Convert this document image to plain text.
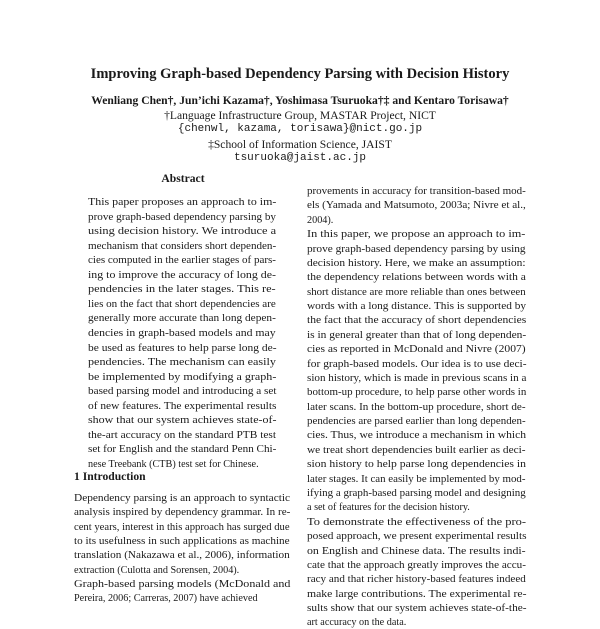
Improving Graph-based Dependency Parsing with Decision History
Wenliang Chen†, Jun’ichi Kazama†, Yoshimasa Tsuruoka†‡ and Kentaro Torisawa†
†Language Infrastructure Group, MASTAR Project, NICT
{chenwl, kazama, torisawa}@nict.go.jp
‡School of Information Science, JAIST
tsuruoka@jaist.ac.jp
Abstract
This paper proposes an approach to im-
prove graph-based dependency parsing by
using decision history. We introduce a
mechanism that considers short dependen-
cies computed in the earlier stages of pars-
ing to improve the accuracy of long de-
pendencies in the later stages. This re-
lies on the fact that short dependencies are
generally more accurate than long depen-
dencies in graph-based models and may
be used as features to help parse long de-
pendencies. The mechanism can easily
be implemented by modifying a graph-
based parsing model and introducing a set
of new features. The experimental results
show that our system achieves state-of-
the-art accuracy on the standard PTB test
set for English and the standard Penn Chi-
nese Treebank (CTB) test set for Chinese.
1 Introduction
Dependency parsing is an approach to syntactic
analysis inspired by dependency grammar. In re-
cent years, interest in this approach has surged due
to its usefulness in such applications as machine
translation (Nakazawa et al., 2006), information
extraction (Culotta and Sorensen, 2004).
Graph-based parsing models (McDonald and
Pereira, 2006; Carreras, 2007) have achieved
provements in accuracy for transition-based mod-
els (Yamada and Matsumoto, 2003a; Nivre et al.,
2004).
In this paper, we propose an approach to im-
prove graph-based dependency parsing by using
decision history. Here, we make an assumption:
the dependency relations between words with a
short distance are more reliable than ones between
words with a long distance. This is supported by
the fact that the accuracy of short dependencies
is in general greater than that of long dependen-
cies as reported in McDonald and Nivre (2007)
for graph-based models. Our idea is to use deci-
sion history, which is made in previous scans in a
bottom-up procedure, to help parse other words in
later scans. In the bottom-up procedure, short de-
pendencies are parsed earlier than long dependen-
cies. Thus, we introduce a mechanism in which
we treat short dependencies built earlier as deci-
sion history to help parse long dependencies in
later stages. It can easily be implemented by mod-
ifying a graph-based parsing model and designing
a set of features for the decision history.
To demonstrate the effectiveness of the pro-
posed approach, we present experimental results
on English and Chinese data. The results indi-
cate that the approach greatly improves the accu-
racy and that richer history-based features indeed
make large contributions. The experimental re-
sults show that our system achieves state-of-the-
art accuracy on the data.
